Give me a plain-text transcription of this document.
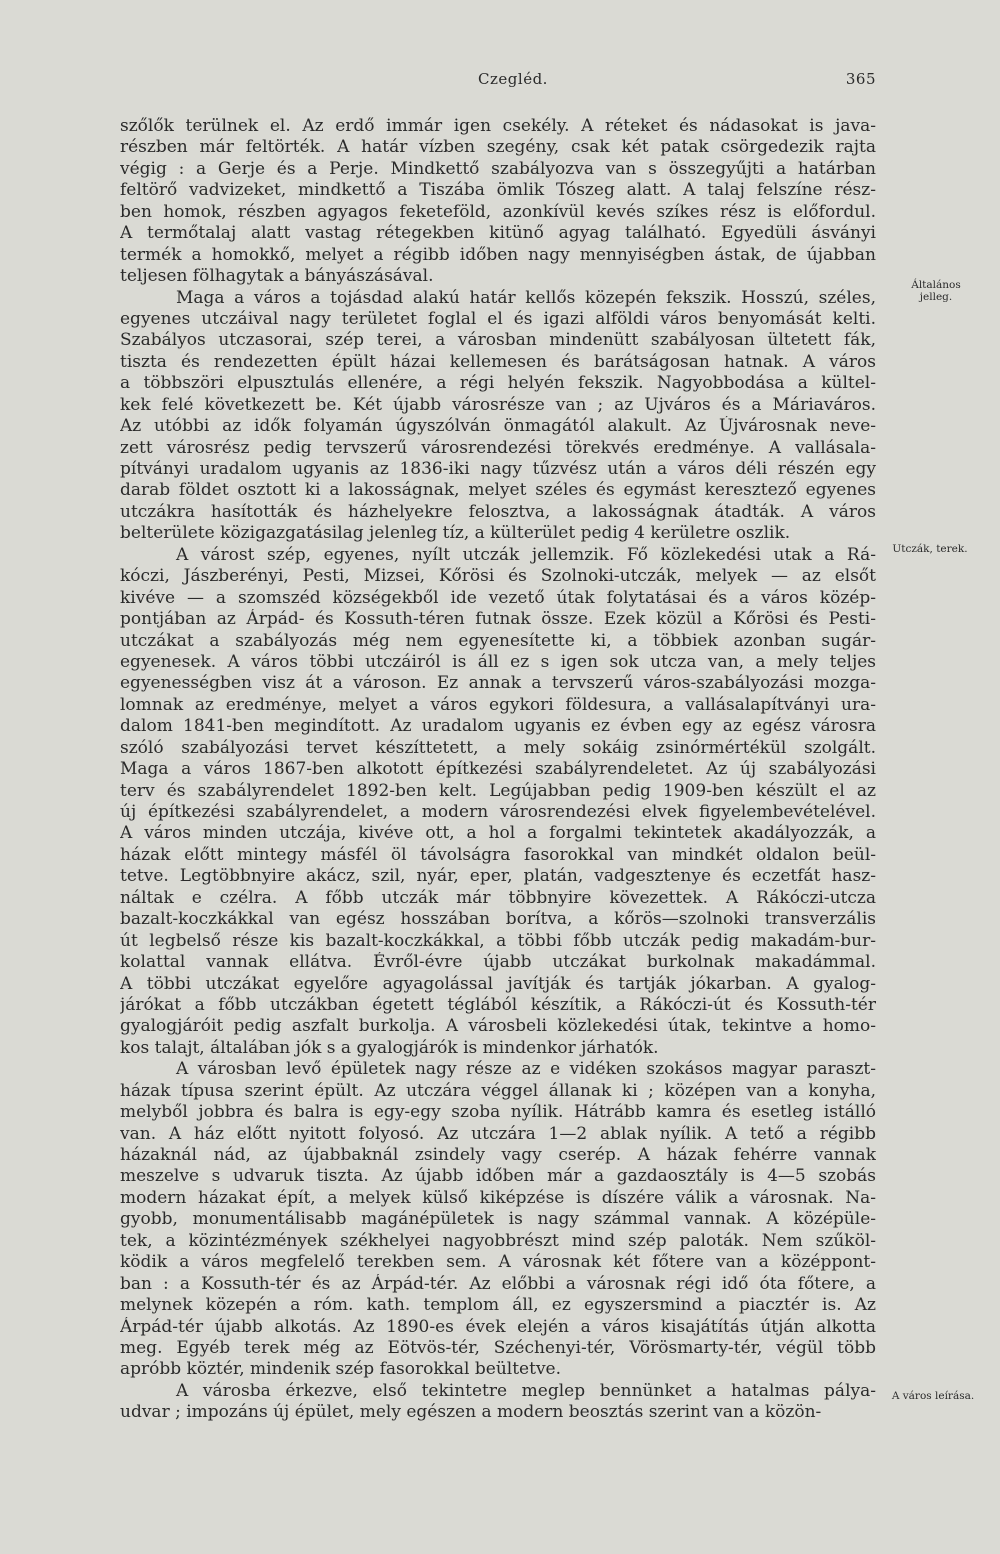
Czegléd.	365
szőlők terülnek el. Az erdő immár igen csekély. A réteket és nádasokat is java-
részben már feltörték. A határ vízben szegény, csak két patak csörgedezik rajta
végig : a Gerje és a Perje. Mindkettő szabályozva van s összegyűjti a határban
feltörő vadvizeket, mindkettő a Tiszába ömlik Tószeg alatt. A talaj felszíne rész-
ben homok, részben agyagos feketeföld, azonkívül kevés szíkes rész is előfordul.
A termőtalaj alatt vastag rétegekben kitünő agyag található. Egyedüli ásványi
termék a homokkő, melyet a régibb időben nagy mennyiségben ástak, de újabban
teljesen fölhagytak a bányászásával.
Maga a város a tojásdad alakú határ kellős közepén fekszik. Hosszú, széles,
egyenes utczáival nagy területet foglal el és igazi alföldi város benyomását kelti.
Szabályos utczasorai, szép terei, a városban mindenütt szabályosan ültetett fák,
tiszta és rendezetten épült házai kellemesen és barátságosan hatnak. A város
a többszöri elpusztulás ellenére, a régi helyén fekszik. Nagyobbodása a kültel-
kek felé következett be. Két újabb városrésze van ; az Ujváros és a Máriaváros.
Az utóbbi az idők folyamán úgyszólván önmagától alakult. Az Újvárosnak neve-
zett városrész pedig tervszerű városrendezési törekvés eredménye. A vallásala-
pítványi uradalom ugyanis az 1836-iki nagy tűzvész után a város déli részén egy
darab földet osztott ki a lakosságnak, melyet széles és egymást keresztező egyenes
utczákra hasították és házhelyekre felosztva, a lakosságnak átadták. A város
belterülete közigazgatásilag jelenleg tíz, a külterület pedig 4 kerületre oszlik.
A várost szép, egyenes, nyílt utczák jellemzik. Fő közlekedési utak a Rá-
kóczi, Jászberényi, Pesti, Mizsei, Kőrösi és Szolnoki-utczák, melyek — az elsőt
kivéve — a szomszéd községekből ide vezető útak folytatásai és a város közép-
pontjában az Árpád- és Kossuth-téren futnak össze. Ezek közül a Kőrösi és Pesti-
utczákat a szabályozás még nem egyenesítette ki, a többiek azonban sugár-
egyenesek. A város többi utczáiról is áll ez s igen sok utcza van, a mely teljes
egyenességben visz át a városon. Ez annak a tervszerű város-szabályozási mozga-
lomnak az eredménye, melyet a város egykori földesura, a vallásalapítványi ura-
dalom 1841-ben megindított. Az uradalom ugyanis ez évben egy az egész városra
szóló szabályozási tervet készíttetett, a mely sokáig zsinórmértékül szolgált.
Maga a város 1867-ben alkotott építkezési szabályrendeletet. Az új szabályozási
terv és szabályrendelet 1892-ben kelt. Legújabban pedig 1909-ben készült el az
új építkezési szabályrendelet, a modern városrendezési elvek figyelembevételével.
A város minden utczája, kivéve ott, a hol a forgalmi tekintetek akadályozzák, a
házak előtt mintegy másfél öl távolságra fasorokkal van mindkét oldalon beül-
tetve. Legtöbbnyire akácz, szil, nyár, eper, platán, vadgesztenye és eczetfát hasz-
náltak e czélra. A főbb utczák már többnyire kövezettek. A Rákóczi-utcza
bazalt-koczkákkal van egész hosszában borítva, a kőrös—szolnoki transverzális
út legbelső része kis bazalt-koczkákkal, a többi főbb utczák pedig makadám-bur-
kolattal vannak ellátva. Évről-évre újabb utczákat burkolnak makadámmal.
A többi utczákat egyelőre agyagolással javítják és tartják jókarban. A gyalog-
járókat a főbb utczákban égetett téglából készítik, a Rákóczi-út és Kossuth-tér
gyalogjáróit pedig aszfalt burkolja. A városbeli közlekedési útak, tekintve a homo-
kos talajt, általában jók s a gyalogjárók is mindenkor járhatók.
A városban levő épületek nagy része az e vidéken szokásos magyar paraszt-
házak típusa szerint épült. Az utczára véggel állanak ki ; középen van a konyha,
melyből jobbra és balra is egy-egy szoba nyílik. Hátrább kamra és esetleg istálló
van. A ház előtt nyitott folyosó. Az utczára 1—2 ablak nyílik. A tető a régibb
házaknál nád, az újabbaknál zsindely vagy cserép. A házak fehérre vannak
meszelve s udvaruk tiszta. Az újabb időben már a gazdaosztály is 4—5 szobás
modern házakat épít, a melyek külső kiképzése is díszére válik a városnak. Na-
gyobb, monumentálisabb magánépületek is nagy számmal vannak. A középüle-
tek, a közintézmények székhelyei nagyobbrészt mind szép paloták. Nem szűköl-
ködik a város megfelelő terekben sem. A városnak két főtere van a középpont-
ban : a Kossuth-tér és az Árpád-tér. Az előbbi a városnak régi idő óta főtere, a
melynek közepén a róm. kath. templom áll, ez egyszersmind a piacztér is. Az
Árpád-tér újabb alkotás. Az 1890-es évek elején a város kisajátítás útján alkotta
meg. Egyéb terek még az Eötvös-tér, Széchenyi-tér, Vörösmarty-tér, végül több
apróbb köztér, mindenik szép fasorokkal beültetve.
A városba érkezve, első tekintetre meglep bennünket a hatalmas pálya-
udvar ; impozáns új épület, mely egészen a modern beosztás szerint van a közön-
Általános
jelleg.
Utczák, terek.
A város leírása.
